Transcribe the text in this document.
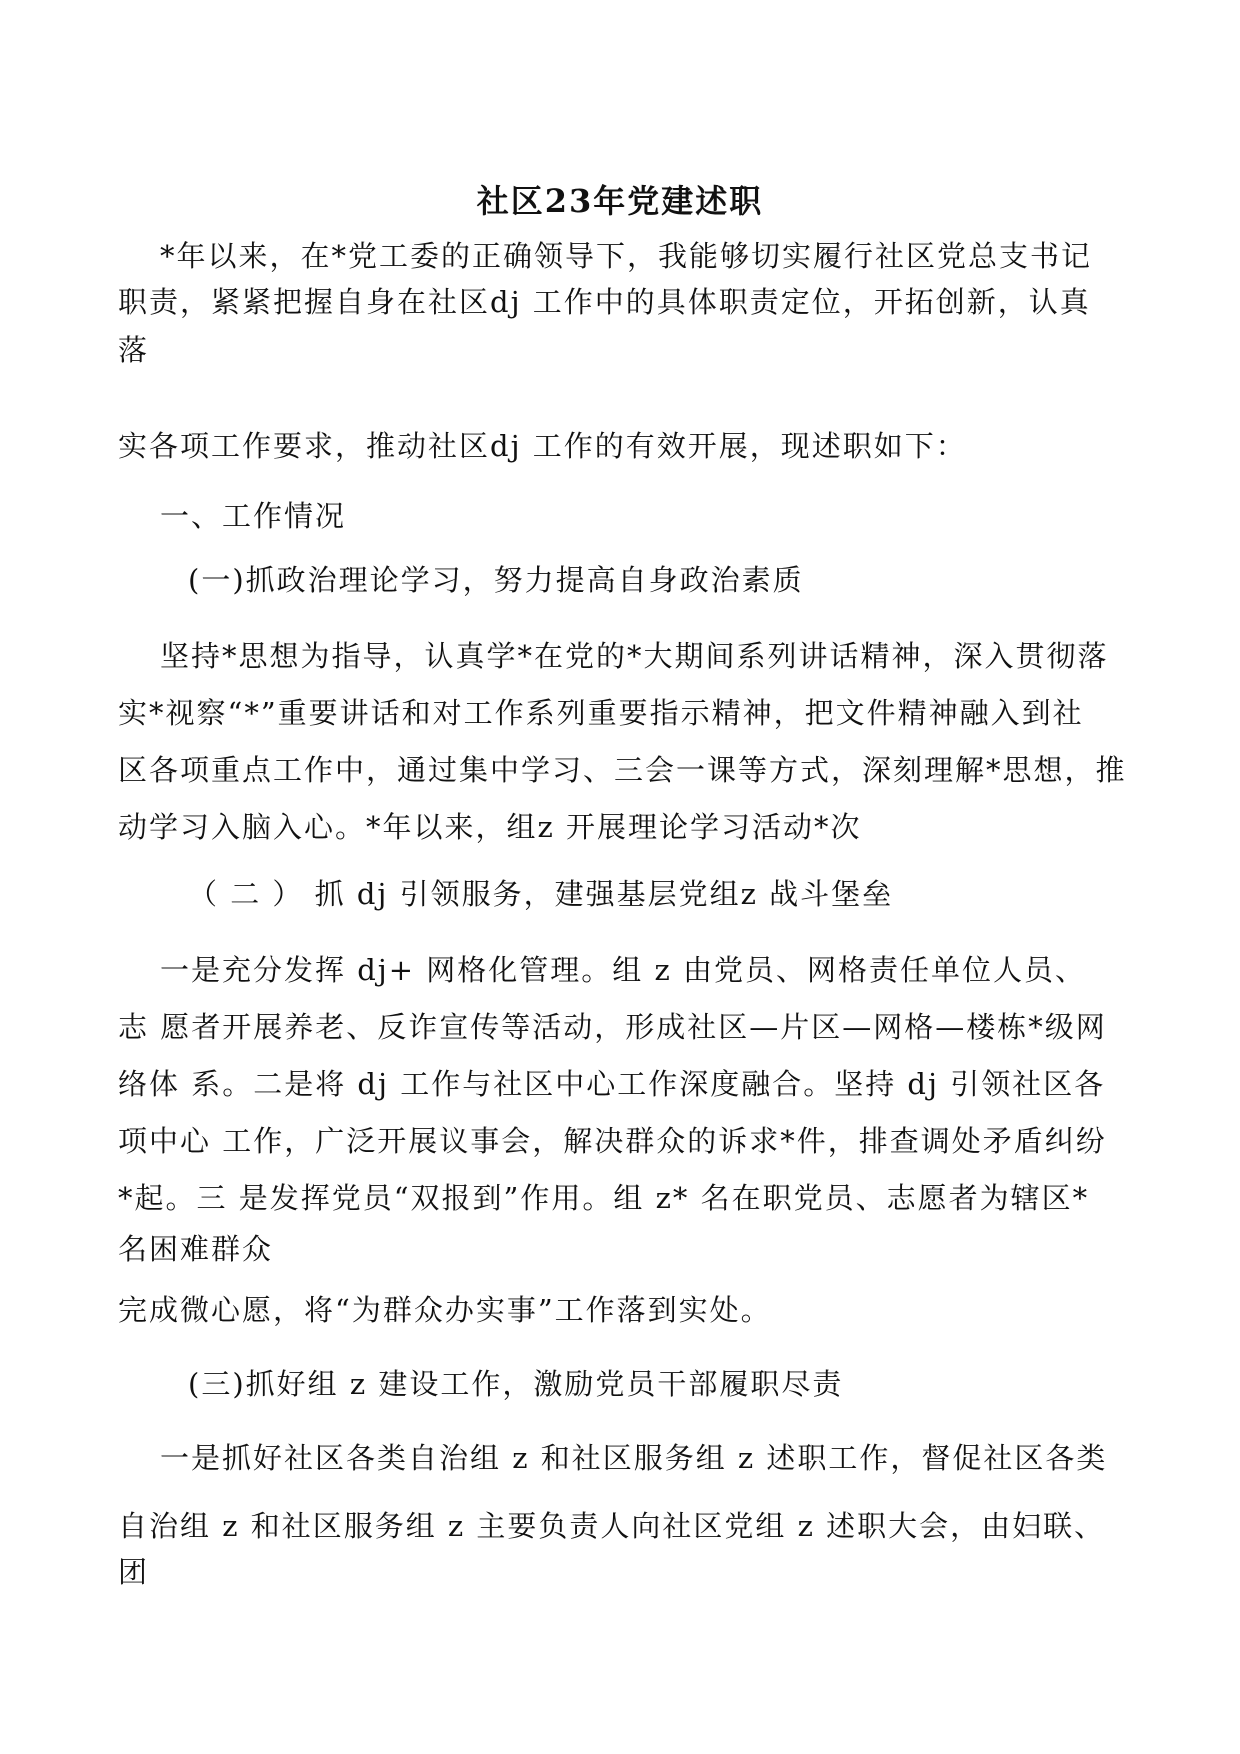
社区23年党建述职
*年以来，在*党工委的正确领导下，我能够切实履行社区党总支书记
职责，紧紧把握自身在社区dj 工作中的具体职责定位，开拓创新，认真
落
实各项工作要求，推动社区dj 工作的有效开展，现述职如下：
一、工作情况
(一)抓政治理论学习，努力提高自身政治素质
坚持*思想为指导，认真学*在党的*大期间系列讲话精神，深入贯彻落
实*视察“*”重要讲话和对工作系列重要指示精神，把文件精神融入到社
区各项重点工作中，通过集中学习、三会一课等方式，深刻理解*思想，推
动学习入脑入心。*年以来，组z 开展理论学习活动*次
（ 二 ） 抓 dj 引领服务，建强基层党组z 战斗堡垒
一是充分发挥 dj+ 网格化管理。组 z 由党员、网格责任单位人员、
志 愿者开展养老、反诈宣传等活动，形成社区—片区—网格—楼栋*级网
络体 系。二是将 dj 工作与社区中心工作深度融合。坚持 dj 引领社区各
项中心 工作，广泛开展议事会，解决群众的诉求*件，排查调处矛盾纠纷
*起。三 是发挥党员“双报到”作用。组 z* 名在职党员、志愿者为辖区*
名困难群众
完成微心愿，将“为群众办实事”工作落到实处。
(三)抓好组 z 建设工作，激励党员干部履职尽责
一是抓好社区各类自治组 z 和社区服务组 z 述职工作，督促社区各类
自治组 z 和社区服务组 z 主要负责人向社区党组 z 述职大会，由妇联、
团
